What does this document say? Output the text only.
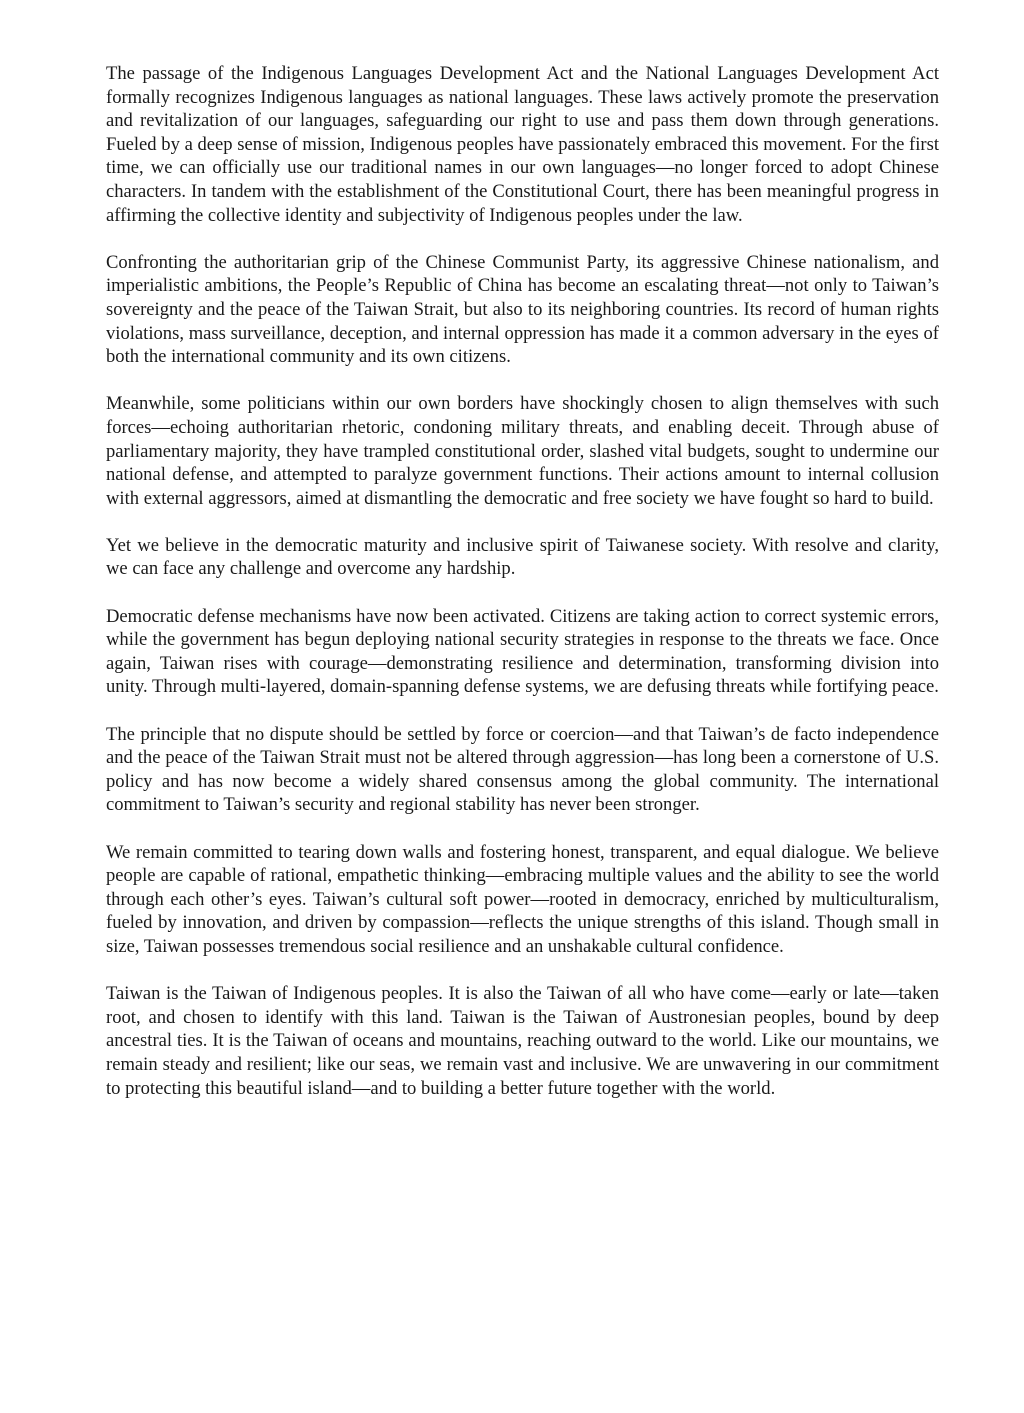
The passage of the Indigenous Languages Development Act and the National Languages Development Act formally recognizes Indigenous languages as national languages. These laws actively promote the preservation and revitalization of our languages, safeguarding our right to use and pass them down through generations. Fueled by a deep sense of mission, Indigenous peoples have passionately embraced this movement. For the first time, we can officially use our traditional names in our own languages—no longer forced to adopt Chinese characters. In tandem with the establishment of the Constitutional Court, there has been meaningful progress in affirming the collective identity and subjectivity of Indigenous peoples under the law.

Confronting the authoritarian grip of the Chinese Communist Party, its aggressive Chinese nationalism, and imperialistic ambitions, the People’s Republic of China has become an escalating threat—not only to Taiwan’s sovereignty and the peace of the Taiwan Strait, but also to its neighboring countries. Its record of human rights violations, mass surveillance, deception, and internal oppression has made it a common adversary in the eyes of both the international community and its own citizens.

Meanwhile, some politicians within our own borders have shockingly chosen to align themselves with such forces—echoing authoritarian rhetoric, condoning military threats, and enabling deceit. Through abuse of parliamentary majority, they have trampled constitutional order, slashed vital budgets, sought to undermine our national defense, and attempted to paralyze government functions. Their actions amount to internal collusion with external aggressors, aimed at dismantling the democratic and free society we have fought so hard to build.

Yet we believe in the democratic maturity and inclusive spirit of Taiwanese society. With resolve and clarity, we can face any challenge and overcome any hardship.

Democratic defense mechanisms have now been activated. Citizens are taking action to correct systemic errors, while the government has begun deploying national security strategies in response to the threats we face. Once again, Taiwan rises with courage—demonstrating resilience and determination, transforming division into unity. Through multi-layered, domain-spanning defense systems, we are defusing threats while fortifying peace.

The principle that no dispute should be settled by force or coercion—and that Taiwan’s de facto independence and the peace of the Taiwan Strait must not be altered through aggression—has long been a cornerstone of U.S. policy and has now become a widely shared consensus among the global community. The international commitment to Taiwan’s security and regional stability has never been stronger.

We remain committed to tearing down walls and fostering honest, transparent, and equal dialogue. We believe people are capable of rational, empathetic thinking—embracing multiple values and the ability to see the world through each other’s eyes. Taiwan’s cultural soft power—rooted in democracy, enriched by multiculturalism, fueled by innovation, and driven by compassion—reflects the unique strengths of this island. Though small in size, Taiwan possesses tremendous social resilience and an unshakable cultural confidence.

Taiwan is the Taiwan of Indigenous peoples. It is also the Taiwan of all who have come—early or late—taken root, and chosen to identify with this land. Taiwan is the Taiwan of Austronesian peoples, bound by deep ancestral ties. It is the Taiwan of oceans and mountains, reaching outward to the world. Like our mountains, we remain steady and resilient; like our seas, we remain vast and inclusive. We are unwavering in our commitment to protecting this beautiful island—and to building a better future together with the world.
